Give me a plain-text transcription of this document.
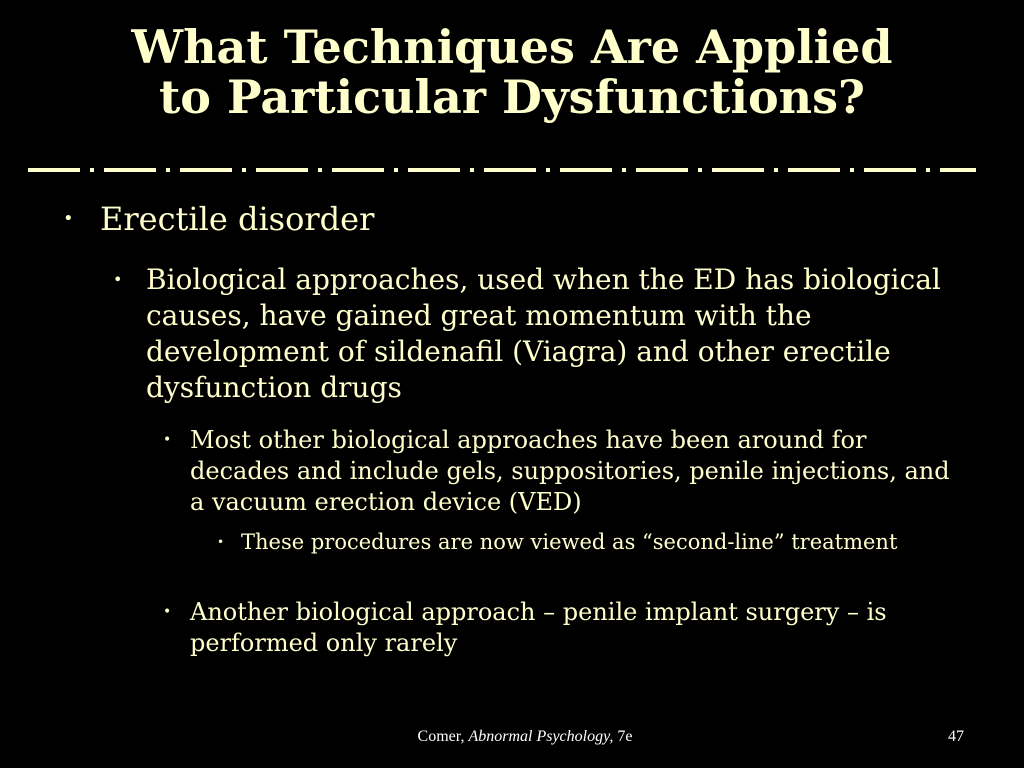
What Techniques Are Applied
to Particular Dysfunctions?
• Erectile disorder
• Biological approaches, used when the ED has biological causes, have gained great momentum with the development of sildenafil (Viagra) and other erectile dysfunction drugs
• Most other biological approaches have been around for decades and include gels, suppositories, penile injections, and a vacuum erection device (VED)
• These procedures are now viewed as “second-line” treatment
• Another biological approach – penile implant surgery – is performed only rarely
Comer, Abnormal Psychology, 7e	47
